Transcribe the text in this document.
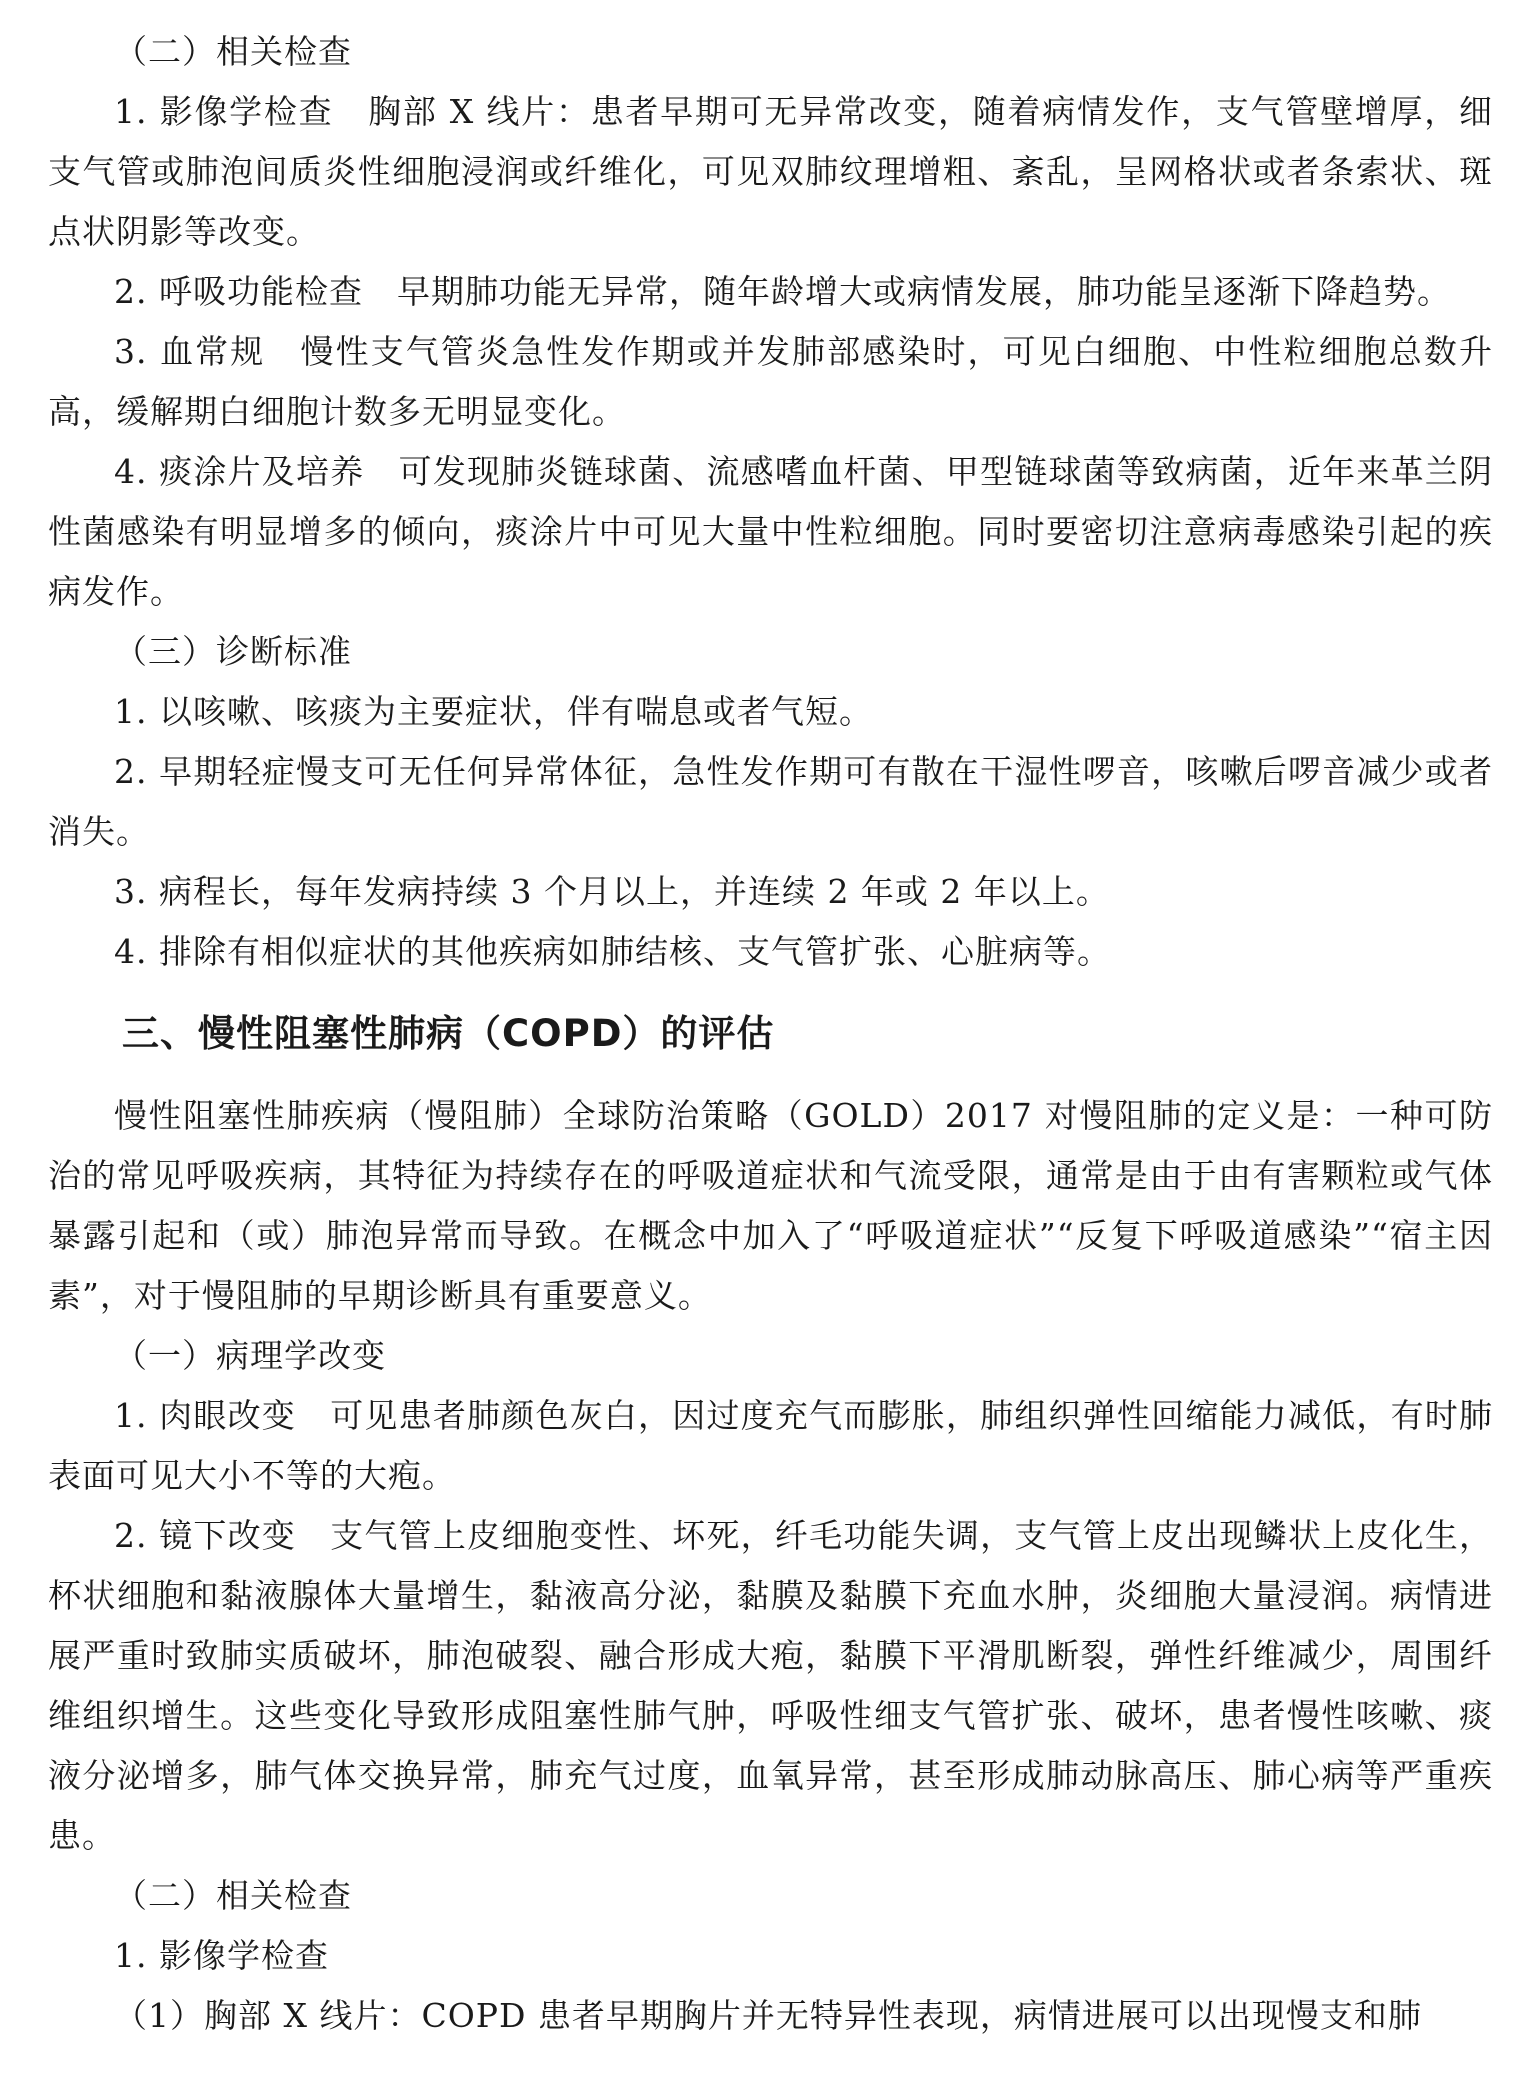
（二）相关检查

1. 影像学检查　胸部 X 线片：患者早期可无异常改变，随着病情发作，支气管壁增厚，细支气管或肺泡间质炎性细胞浸润或纤维化，可见双肺纹理增粗、紊乱，呈网格状或者条索状、斑点状阴影等改变。

2. 呼吸功能检查　早期肺功能无异常，随年龄增大或病情发展，肺功能呈逐渐下降趋势。

3. 血常规　慢性支气管炎急性发作期或并发肺部感染时，可见白细胞、中性粒细胞总数升高，缓解期白细胞计数多无明显变化。

4. 痰涂片及培养　可发现肺炎链球菌、流感嗜血杆菌、甲型链球菌等致病菌，近年来革兰阴性菌感染有明显增多的倾向，痰涂片中可见大量中性粒细胞。同时要密切注意病毒感染引起的疾病发作。

（三）诊断标准

1. 以咳嗽、咳痰为主要症状，伴有喘息或者气短。

2. 早期轻症慢支可无任何异常体征，急性发作期可有散在干湿性啰音，咳嗽后啰音减少或者消失。

3. 病程长，每年发病持续 3 个月以上，并连续 2 年或 2 年以上。

4. 排除有相似症状的其他疾病如肺结核、支气管扩张、心脏病等。

三、慢性阻塞性肺病（COPD）的评估

慢性阻塞性肺疾病（慢阻肺）全球防治策略（GOLD）2017 对慢阻肺的定义是：一种可防治的常见呼吸疾病，其特征为持续存在的呼吸道症状和气流受限，通常是由于由有害颗粒或气体暴露引起和（或）肺泡异常而导致。在概念中加入了“呼吸道症状”“反复下呼吸道感染”“宿主因素”，对于慢阻肺的早期诊断具有重要意义。

（一）病理学改变

1. 肉眼改变　可见患者肺颜色灰白，因过度充气而膨胀，肺组织弹性回缩能力减低，有时肺表面可见大小不等的大疱。

2. 镜下改变　支气管上皮细胞变性、坏死，纤毛功能失调，支气管上皮出现鳞状上皮化生，杯状细胞和黏液腺体大量增生，黏液高分泌，黏膜及黏膜下充血水肿，炎细胞大量浸润。病情进展严重时致肺实质破坏，肺泡破裂、融合形成大疱，黏膜下平滑肌断裂，弹性纤维减少，周围纤维组织增生。这些变化导致形成阻塞性肺气肿，呼吸性细支气管扩张、破坏，患者慢性咳嗽、痰液分泌增多，肺气体交换异常，肺充气过度，血氧异常，甚至形成肺动脉高压、肺心病等严重疾患。

（二）相关检查

1. 影像学检查

（1）胸部 X 线片：COPD 患者早期胸片并无特异性表现，病情进展可以出现慢支和肺
